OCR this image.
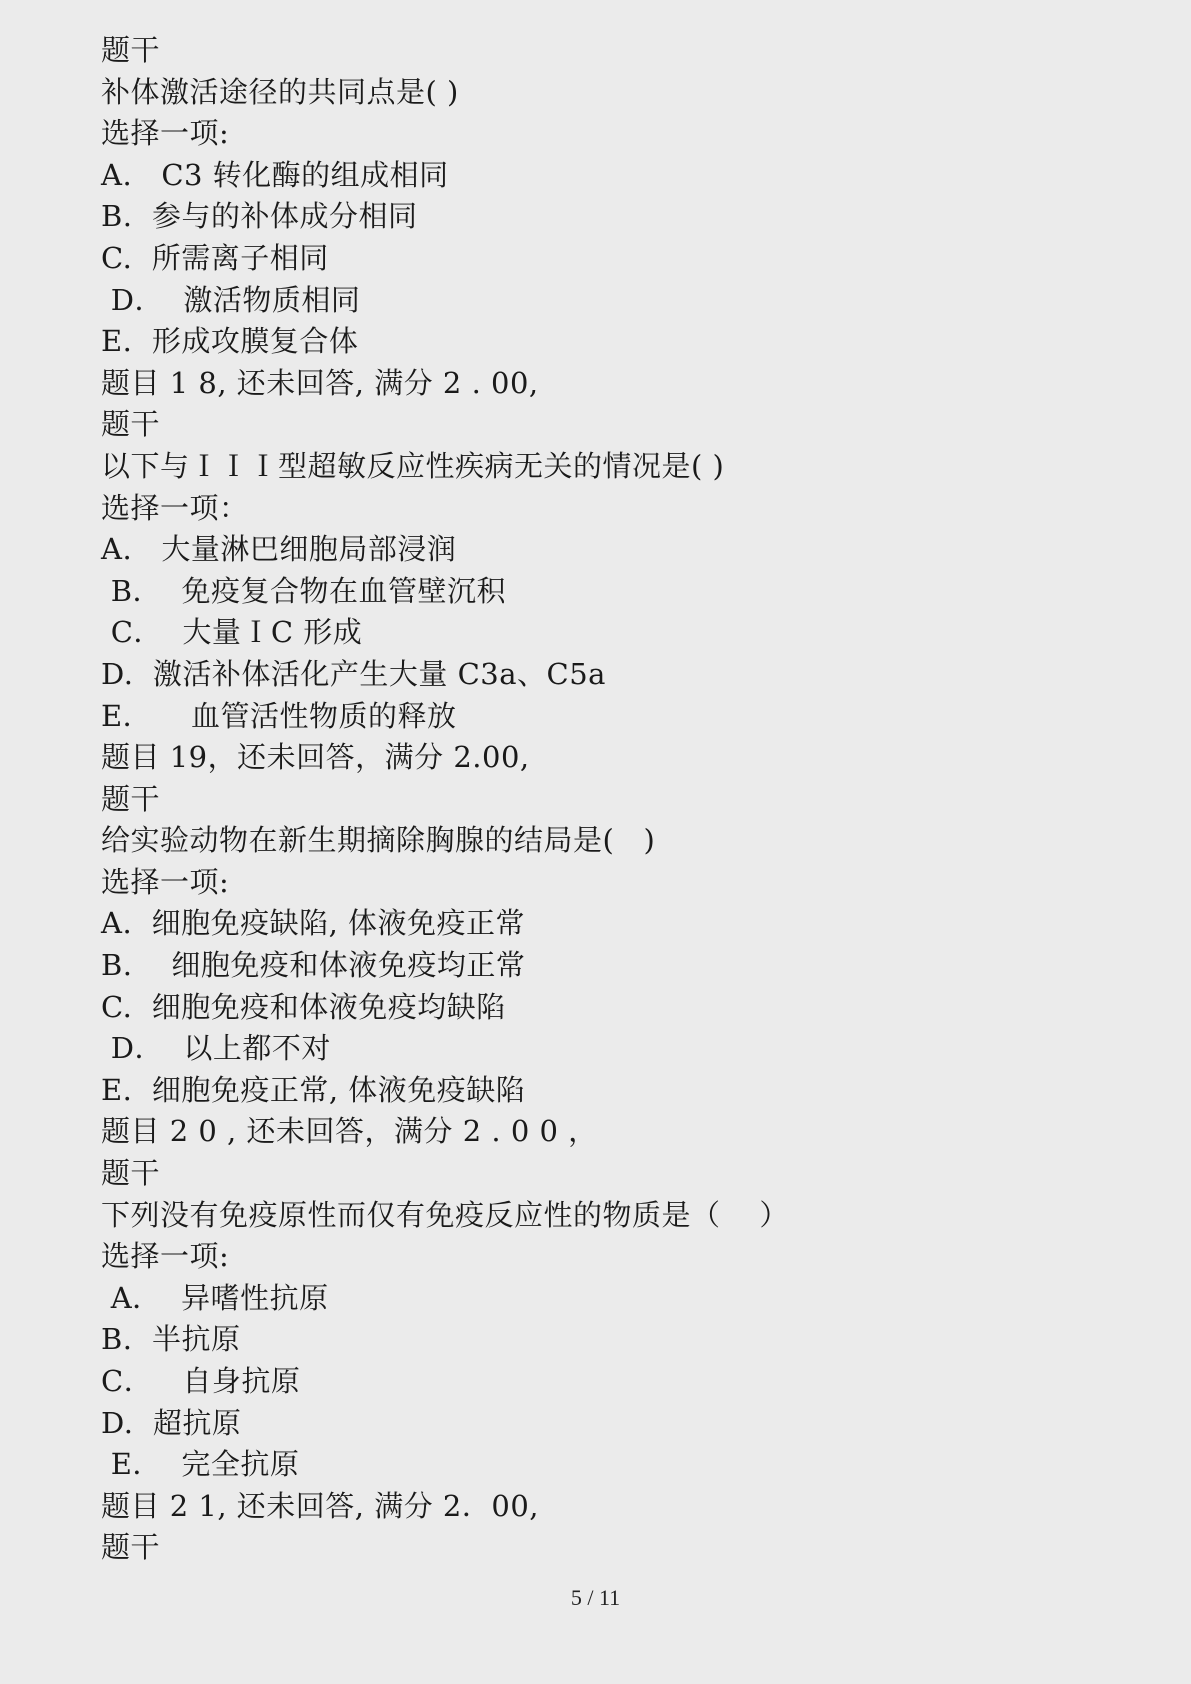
题干
补体激活途径的共同点是( )
选择一项:
A.   C3 转化酶的组成相同
B.  参与的补体成分相同
C.  所需离子相同
D．  激活物质相同
E.  形成攻膜复合体
题目 1 8, 还未回答, 满分 2 . 00,
题干
以下与ＩＩＩ型超敏反应性疾病无关的情况是( )
选择一项：
A.   大量淋巴细胞局部浸润
B．  免疫复合物在血管壁沉积
C．  大量ＩC 形成
D.  激活补体活化产生大量 C3a、C5a
E．    血管活性物质的释放
题目 19，还未回答，满分 2.00,
题干
给实验动物在新生期摘除胸腺的结局是(   )
选择一项:
A.  细胞免疫缺陷, 体液免疫正常
B.    细胞免疫和体液免疫均正常
C.  细胞免疫和体液免疫均缺陷
D．  以上都不对
E.  细胞免疫正常, 体液免疫缺陷
题目 2 0 , 还未回答，满分 2 . 0 0 ，
题干
下列没有免疫原性而仅有免疫反应性的物质是（    ）
选择一项:
A．  异嗜性抗原
B.  半抗原
C．   自身抗原
D.  超抗原
E．  完全抗原
题目 2 1, 还未回答, 满分 2．00,
题干
5 / 11
